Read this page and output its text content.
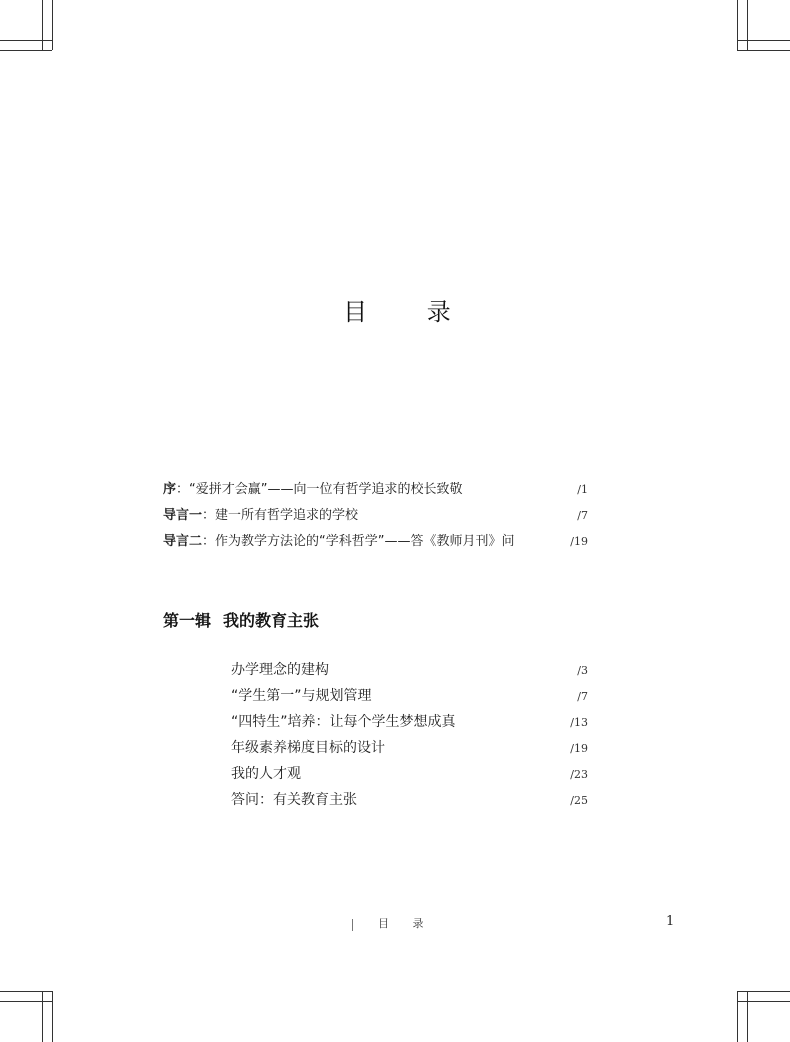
目 录
序：“爱拼才会赢”——向一位有哲学追求的校长致敬	/1
导言一：建一所有哲学追求的学校	/7
导言二：作为教学方法论的“学科哲学”——答《教师月刊》问	/19
第一辑 我的教育主张
办学理念的建构	/3
“学生第一”与规划管理	/7
“四特生”培养：让每个学生梦想成真	/13
年级素养梯度目标的设计	/19
我的人才观	/23
答问：有关教育主张	/25
目 录	1
